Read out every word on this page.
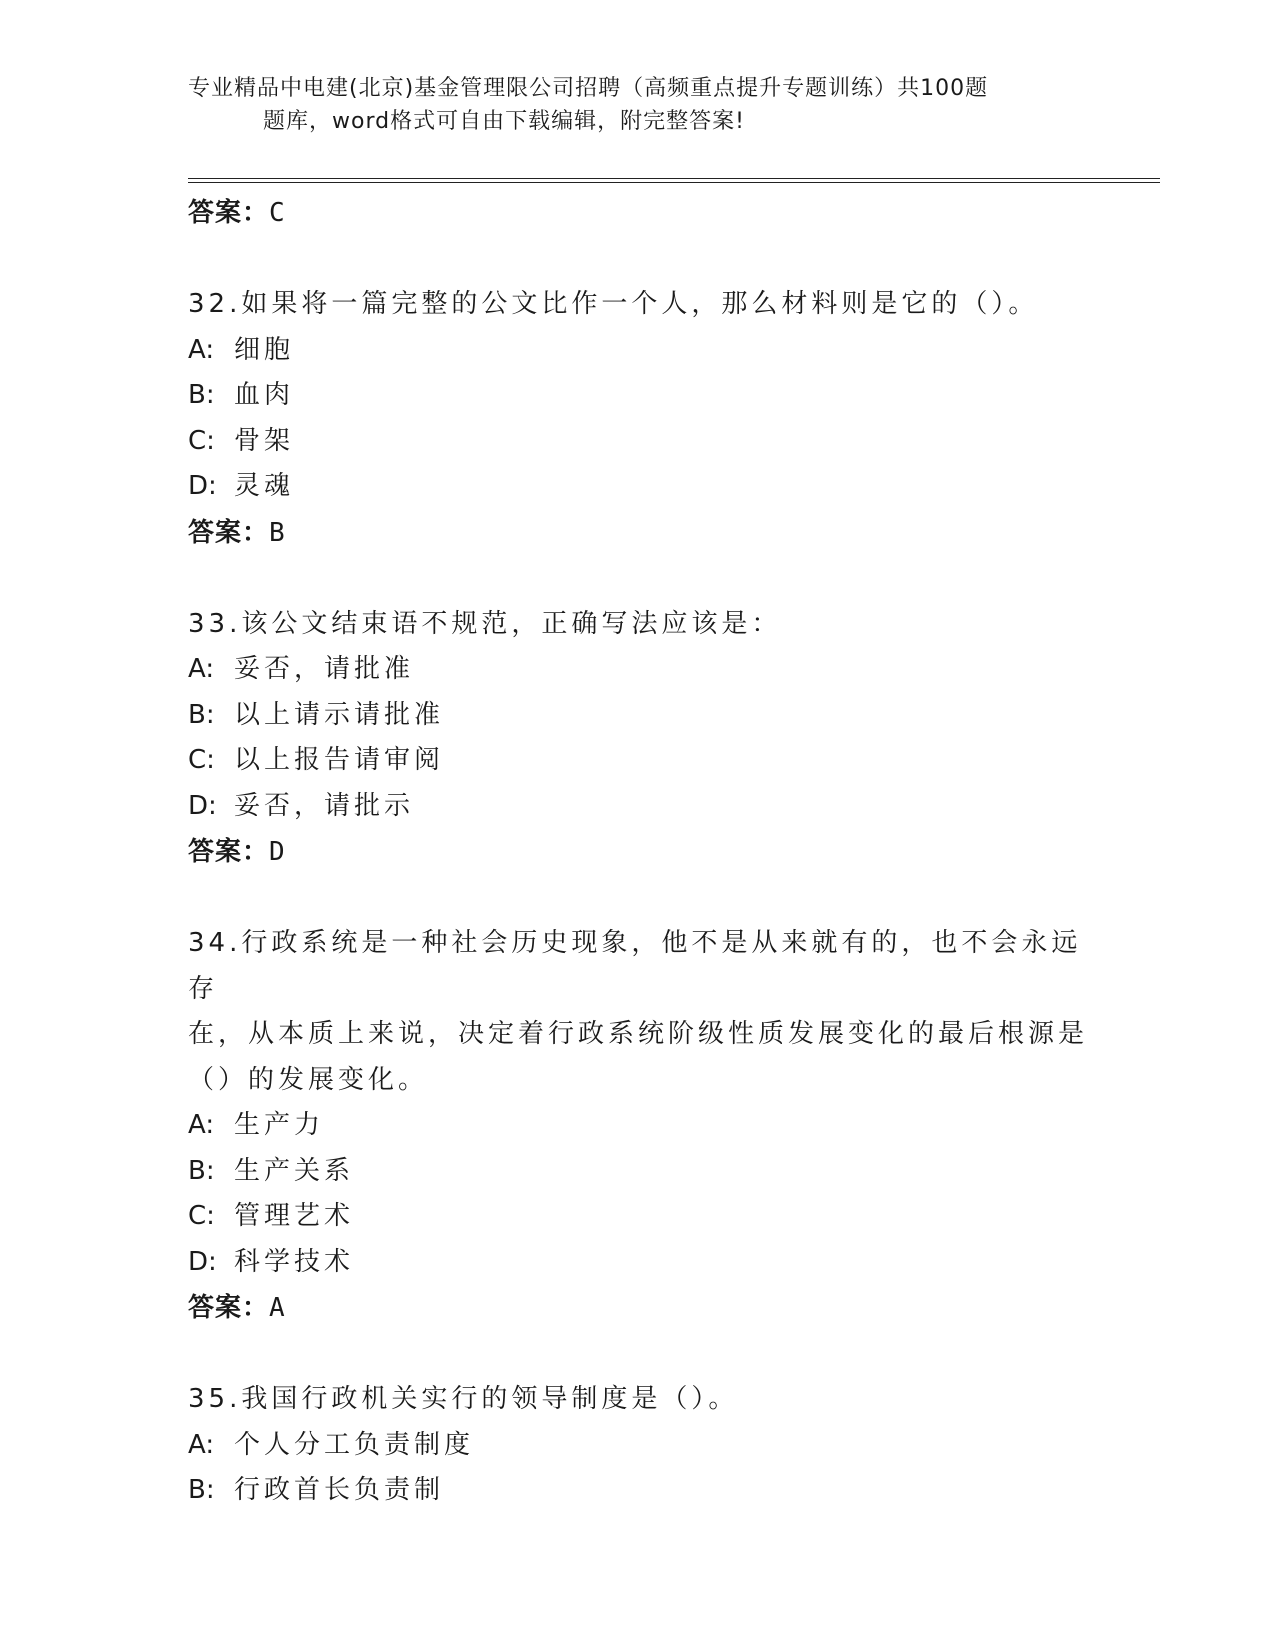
专业精品中电建(北京)基金管理限公司招聘（高频重点提升专题训练）共100题
题库，word格式可自由下载编辑，附完整答案!
答案：C
32.如果将一篇完整的公文比作一个人，那么材料则是它的（）。
A: 细胞
B: 血肉
C: 骨架
D: 灵魂
答案：B
33.该公文结束语不规范，正确写法应该是：
A: 妥否，请批准
B: 以上请示请批准
C: 以上报告请审阅
D: 妥否，请批示
答案：D
34.行政系统是一种社会历史现象，他不是从来就有的，也不会永远存
在，从本质上来说，决定着行政系统阶级性质发展变化的最后根源是
（）的发展变化。
A: 生产力
B: 生产关系
C: 管理艺术
D: 科学技术
答案：A
35.我国行政机关实行的领导制度是（）。
A: 个人分工负责制度
B: 行政首长负责制
